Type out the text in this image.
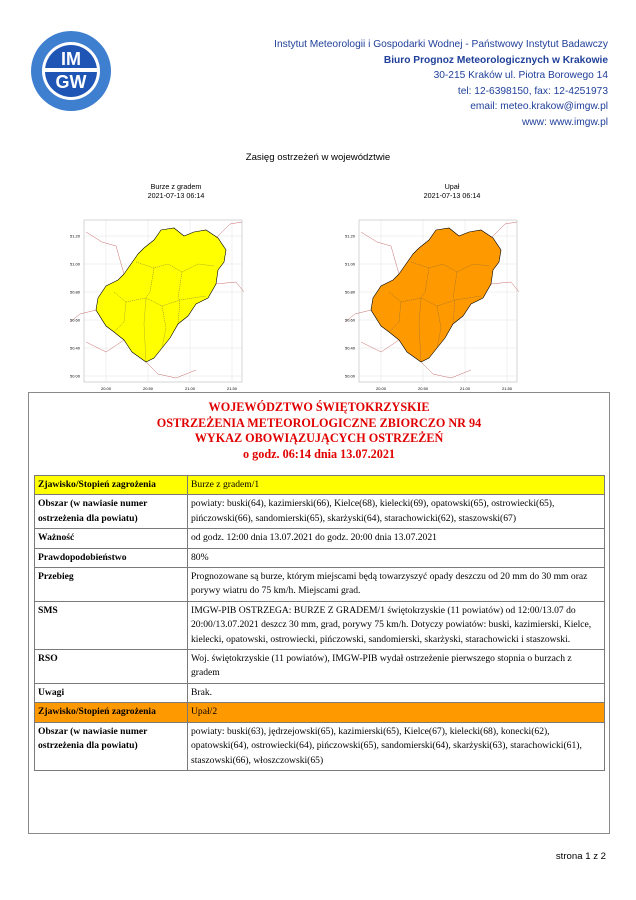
IM
GW
Instytut Meteorologii i Gospodarki Wodnej - Państwowy Instytut Badawczy
Biuro Prognoz Meteorologicznych w Krakowie
30-215 Kraków ul. Piotra Borowego 14
tel: 12-6398150, fax: 12-4251973
email: meteo.krakow@imgw.pl
www: www.imgw.pl
Zasięg ostrzeżeń w województwie
Burze z gradem
2021-07-13 06:14
Upał
2021-07-13 06:14
51.20
51.00
50.80
50.60
50.40
50.00
20.00	20.50	21.00	21.50
51.20
51.00
50.80
50.60
50.40
50.00
20.00	20.50	21.00	21.50
WOJEWÓDZTWO ŚWIĘTOKRZYSKIE
OSTRZEŻENIA METEOROLOGICZNE ZBIORCZO NR 94
WYKAZ OBOWIĄZUJĄCYCH OSTRZEŻEŃ
o godz. 06:14 dnia 13.07.2021
Zjawisko/Stopień zagrożenia	Burze z gradem/1
Obszar (w nawiasie numer ostrzeżenia dla powiatu)	powiaty: buski(64), kazimierski(66), Kielce(68), kielecki(69), opatowski(65), ostrowiecki(65), pińczowski(66), sandomierski(65), skarżyski(64), starachowicki(62), staszowski(67)
Ważność	od godz. 12:00 dnia 13.07.2021 do godz. 20:00 dnia 13.07.2021
Prawdopodobieństwo	80%
Przebieg	Prognozowane są burze, którym miejscami będą towarzyszyć opady deszczu od 20 mm do 30 mm oraz porywy wiatru do 75 km/h. Miejscami grad.
SMS	IMGW-PIB OSTRZEGA: BURZE Z GRADEM/1 świętokrzyskie (11 powiatów) od 12:00/13.07 do 20:00/13.07.2021 deszcz 30 mm, grad, porywy 75 km/h. Dotyczy powiatów: buski, kazimierski, Kielce, kielecki, opatowski, ostrowiecki, pińczowski, sandomierski, skarżyski, starachowicki i staszowski.
RSO	Woj. świętokrzyskie (11 powiatów), IMGW-PIB wydał ostrzeżenie pierwszego stopnia o burzach z gradem
Uwagi	Brak.
Zjawisko/Stopień zagrożenia	Upał/2
Obszar (w nawiasie numer ostrzeżenia dla powiatu)	powiaty: buski(63), jędrzejowski(65), kazimierski(65), Kielce(67), kielecki(68), konecki(62), opatowski(64), ostrowiecki(64), pińczowski(65), sandomierski(64), skarżyski(63), starachowicki(61), staszowski(66), włoszczowski(65)
strona 1 z 2
